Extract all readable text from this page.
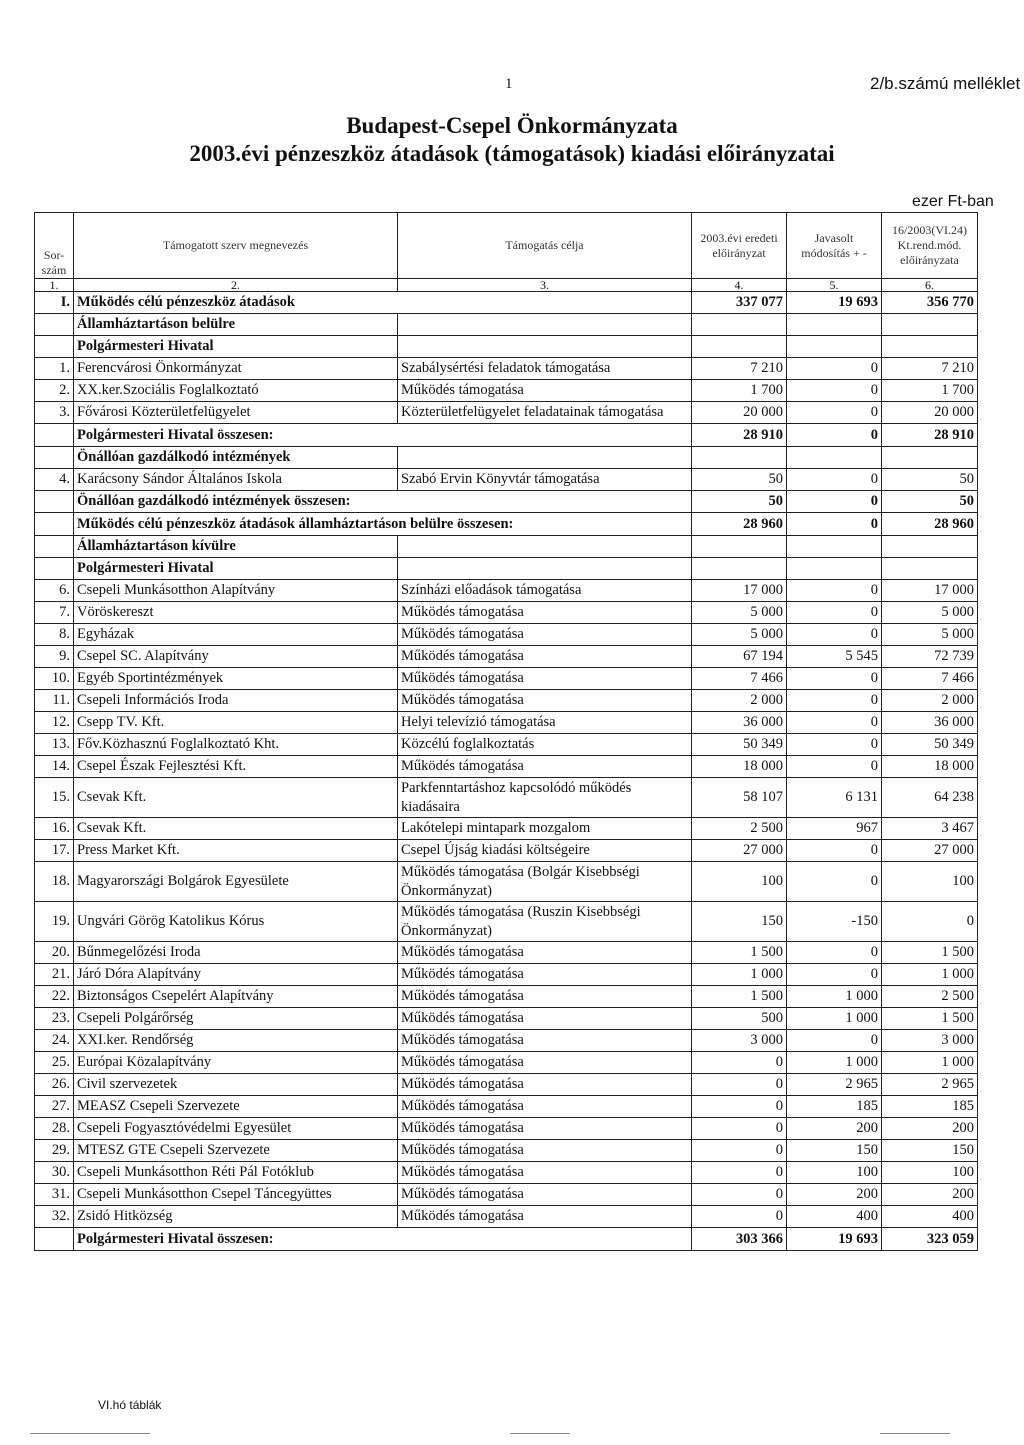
1	2/b.számú melléklet
Budapest-Csepel Önkormányzata
2003.évi pénzeszköz átadások (támogatások) kiadási előirányzatai
ezer Ft-ban
Sor-szám	Támogatott szerv megnevezés	Támogatás célja	2003.évi eredeti előirányzat	Javasolt módosítás + -	16/2003(VI.24) Kt.rend.mód. előirányzata
1.	2.	3.	4.	5.	6.
I.	Működés célú pénzeszköz átadások		337 077	19 693	356 770
	Államháztartáson belülre				
	Polgármesteri Hivatal				
1.	Ferencvárosi Önkormányzat	Szabálysértési feladatok támogatása	7 210	0	7 210
2.	XX.ker.Szociális Foglalkoztató	Működés támogatása	1 700	0	1 700
3.	Fővárosi Közterületfelügyelet	Közterületfelügyelet feladatainak támogatása	20 000	0	20 000
	Polgármesteri Hivatal összesen:		28 910	0	28 910
	Önállóan gazdálkodó intézmények				
4.	Karácsony Sándor Általános Iskola	Szabó Ervin Könyvtár támogatása	50	0	50
	Önállóan gazdálkodó intézmények összesen:		50	0	50
	Működés célú pénzeszköz átadások államháztartáson belülre összesen:		28 960	0	28 960
	Államháztartáson kívülre				
	Polgármesteri Hivatal				
6.	Csepeli Munkásotthon Alapítvány	Színházi előadások támogatása	17 000	0	17 000
7.	Vöröskereszt	Működés támogatása	5 000	0	5 000
8.	Egyházak	Működés támogatása	5 000	0	5 000
9.	Csepel SC. Alapítvány	Működés támogatása	67 194	5 545	72 739
10.	Egyéb Sportintézmények	Működés támogatása	7 466	0	7 466
11.	Csepeli Információs Iroda	Működés támogatása	2 000	0	2 000
12.	Csepp TV. Kft.	Helyi televízió támogatása	36 000	0	36 000
13.	Főv.Közhasznú Foglalkoztató Kht.	Közcélú foglalkoztatás	50 349	0	50 349
14.	Csepel Észak Fejlesztési Kft.	Működés támogatása	18 000	0	18 000
15.	Csevak Kft.	Parkfenntartáshoz kapcsolódó működés kiadásaira	58 107	6 131	64 238
16.	Csevak Kft.	Lakótelepi mintapark mozgalom	2 500	967	3 467
17.	Press Market Kft.	Csepel Újság kiadási költségeire	27 000	0	27 000
18.	Magyarországi Bolgárok Egyesülete	Működés támogatása (Bolgár Kisebbségi Önkormányzat)	100	0	100
19.	Ungvári Görög Katolikus Kórus	Működés támogatása (Ruszin Kisebbségi Önkormányzat)	150	-150	0
20.	Bűnmegelőzési Iroda	Működés támogatása	1 500	0	1 500
21.	Járó Dóra Alapítvány	Működés támogatása	1 000	0	1 000
22.	Biztonságos Csepelért Alapítvány	Működés támogatása	1 500	1 000	2 500
23.	Csepeli Polgárőrség	Működés támogatása	500	1 000	1 500
24.	XXI.ker. Rendőrség	Működés támogatása	3 000	0	3 000
25.	Európai Közalapítvány	Működés támogatása	0	1 000	1 000
26.	Civil szervezetek	Működés támogatása	0	2 965	2 965
27.	MEASZ Csepeli Szervezete	Működés támogatása	0	185	185
28.	Csepeli Fogyasztóvédelmi Egyesület	Működés támogatása	0	200	200
29.	MTESZ GTE Csepeli Szervezete	Működés támogatása	0	150	150
30.	Csepeli Munkásotthon Réti Pál Fotóklub	Működés támogatása	0	100	100
31.	Csepeli Munkásotthon Csepel Táncegyüttes	Működés támogatása	0	200	200
32.	Zsidó Hitközség	Működés támogatása	0	400	400
	Polgármesteri Hivatal összesen:		303 366	19 693	323 059
VI.hó táblák
